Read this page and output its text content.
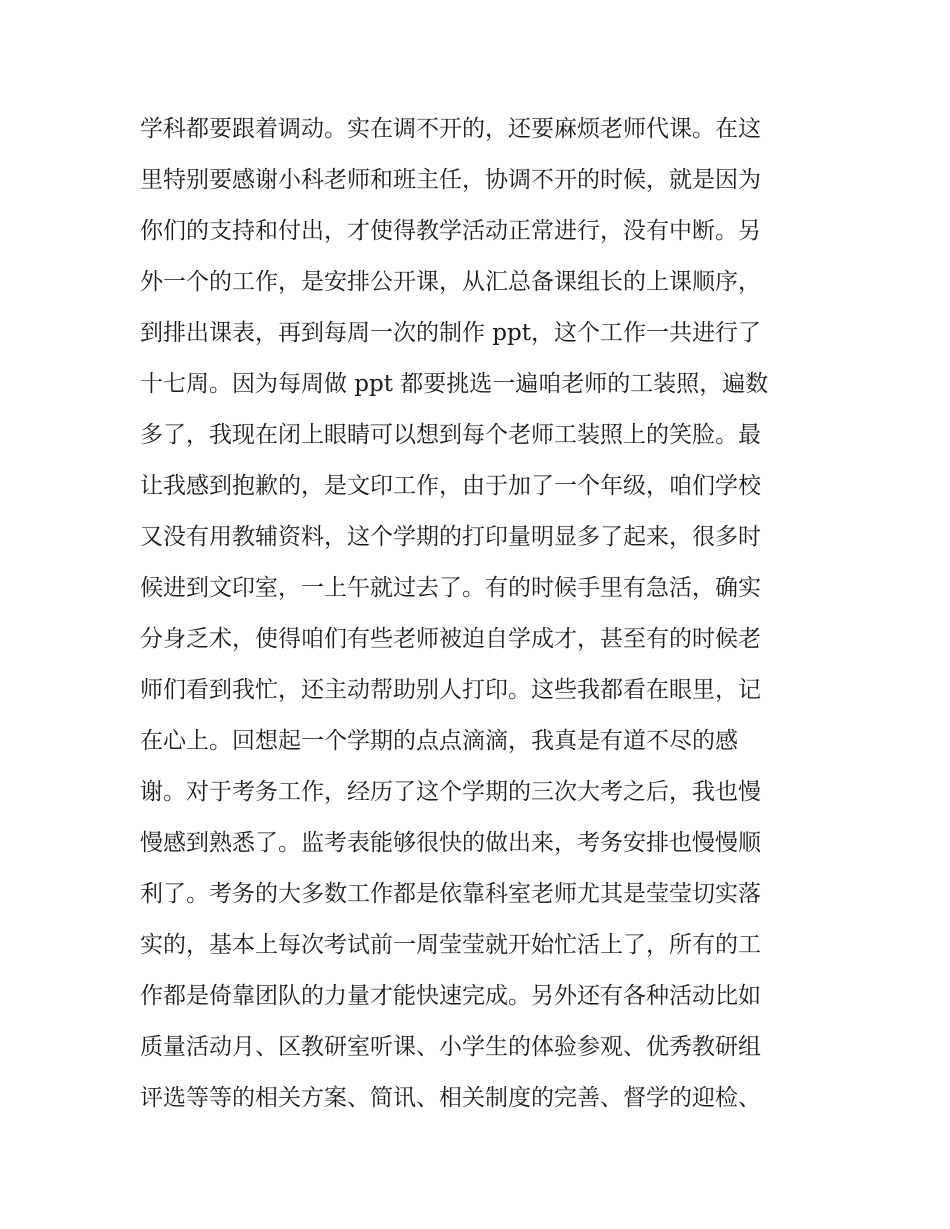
学科都要跟着调动。实在调不开的，还要麻烦老师代课。在这
里特别要感谢小科老师和班主任，协调不开的时候，就是因为
你们的支持和付出，才使得教学活动正常进行，没有中断。另
外一个的工作，是安排公开课，从汇总备课组长的上课顺序，
到排出课表，再到每周一次的制作 ppt，这个工作一共进行了
十七周。因为每周做 ppt 都要挑选一遍咱老师的工装照，遍数
多了，我现在闭上眼睛可以想到每个老师工装照上的笑脸。最
让我感到抱歉的，是文印工作，由于加了一个年级，咱们学校
又没有用教辅资料，这个学期的打印量明显多了起来，很多时
候进到文印室，一上午就过去了。有的时候手里有急活，确实
分身乏术，使得咱们有些老师被迫自学成才，甚至有的时候老
师们看到我忙，还主动帮助别人打印。这些我都看在眼里，记
在心上。回想起一个学期的点点滴滴，我真是有道不尽的感
谢。对于考务工作，经历了这个学期的三次大考之后，我也慢
慢感到熟悉了。监考表能够很快的做出来，考务安排也慢慢顺
利了。考务的大多数工作都是依靠科室老师尤其是莹莹切实落
实的，基本上每次考试前一周莹莹就开始忙活上了，所有的工
作都是倚靠团队的力量才能快速完成。另外还有各种活动比如
质量活动月、区教研室听课、小学生的体验参观、优秀教研组
评选等等的相关方案、简讯、相关制度的完善、督学的迎检、
